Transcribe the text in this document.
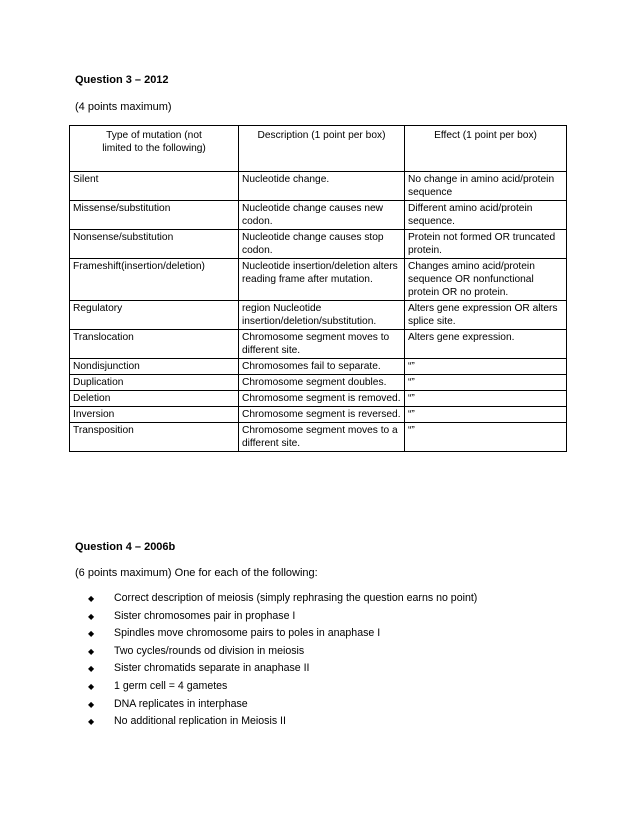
Question 3 – 2012
(4 points maximum)
Type of mutation (not limited to the following)	Description (1 point per box)	Effect (1 point per box)
Silent	Nucleotide change.	No change in amino acid/protein sequence
Missense/substitution	Nucleotide change causes new codon.	Different amino acid/protein sequence.
Nonsense/substitution	Nucleotide change causes stop codon.	Protein not formed OR truncated protein.
Frameshift(insertion/deletion)	Nucleotide insertion/deletion alters reading frame after mutation.	Changes amino acid/protein sequence OR nonfunctional protein OR no protein.
Regulatory	region Nucleotide insertion/deletion/substitution.	Alters gene expression OR alters splice site.
Translocation	Chromosome segment moves to different site.	Alters gene expression.
Nondisjunction	Chromosomes fail to separate.	“”
Duplication	Chromosome segment doubles.	“”
Deletion	Chromosome segment is removed.	“”
Inversion	Chromosome segment is reversed.	“”
Transposition	Chromosome segment moves to a different site.	“”
Question 4 – 2006b
(6 points maximum) One for each of the following:
◆ Correct description of meiosis (simply rephrasing the question earns no point)
◆ Sister chromosomes pair in prophase I
◆ Spindles move chromosome pairs to poles in anaphase I
◆ Two cycles/rounds od division in meiosis
◆ Sister chromatids separate in anaphase II
◆ 1 germ cell = 4 gametes
◆ DNA replicates in interphase
◆ No additional replication in Meiosis II
